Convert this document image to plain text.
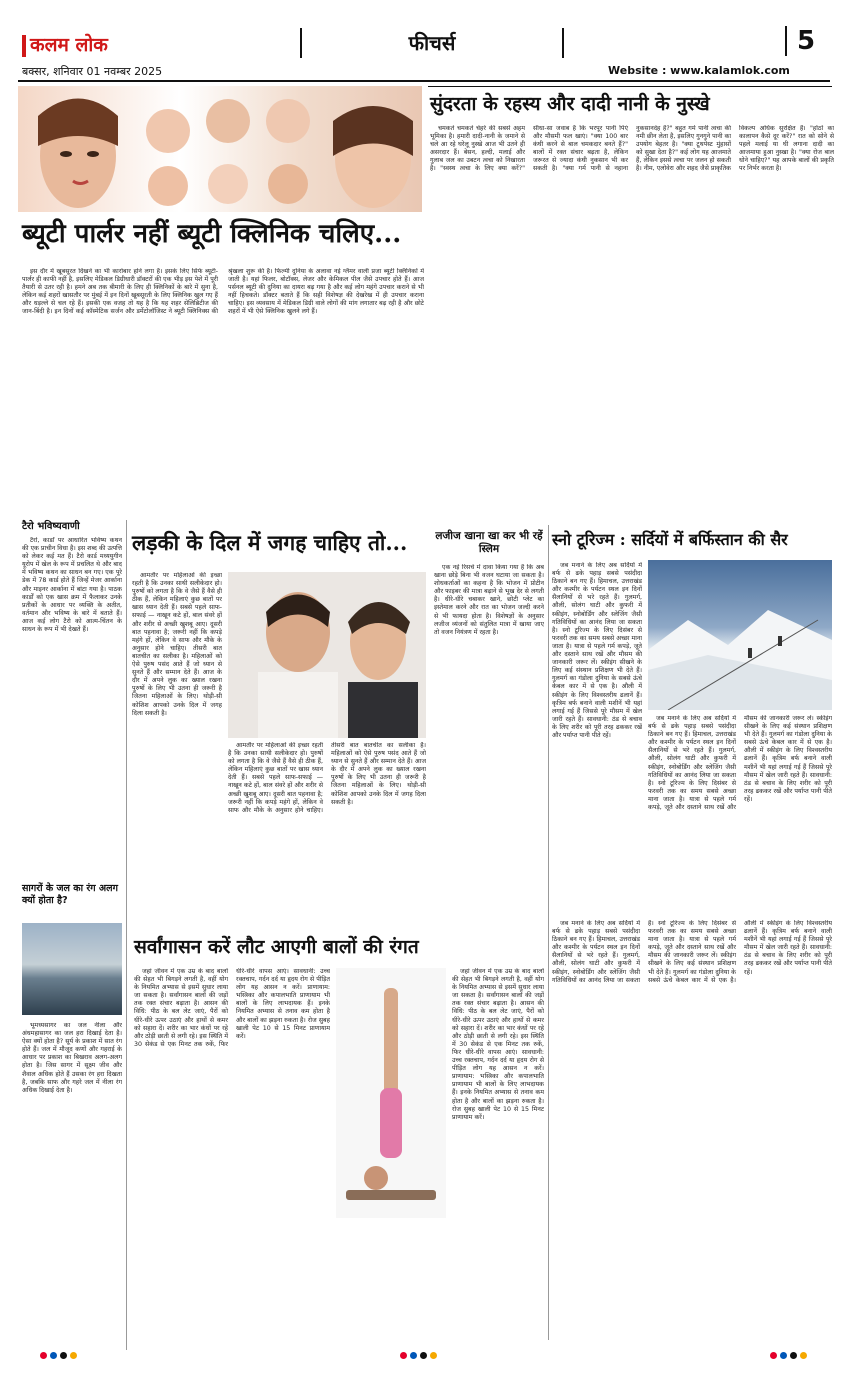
कलम लोक	फीचर्स	5
बक्सर, शनिवार 01 नवम्बर 2025	Website : www.kalamlok.com
ब्यूटी पार्लर नहीं ब्यूटी क्लिनिक चलिए...

इस दौर में खूबसूरत दिखने का भी कारोबार होने लगा है। इसके लिए सिर्फ ब्यूटी-पार्लर ही काफी नहीं है, इसलिए मेडिकल डिग्रीधारी डॉक्टरों की एक भीड़ इस पेशे में पूरी तैयारी से उतर रही है। हमने अब तक बीमारी के लिए ही क्लिनिकों के बारे में सुना है, लेकिन कई शहरों खासतौर पर मुंबई में इन दिनों खूबसूरती के लिए क्लिनिक खुल गए हैं और धड़ल्ले से चल रहे हैं। इसकी एक वजह तो यह है कि यह शहर सेलिब्रिटीज की जान-बिंदी है। इन दिनों कई कॉस्मेटिक सर्जन और डर्मेटोलॉजिस्ट ने ब्यूटी क्लिनिक्स की श्रृंखला शुरू की है। फिल्मी दुनिया के अलावा नई ग्लैमर वाली प्रजा ब्यूटी क्लिनिकों में जाती है। यहां फिलर, बोटॉक्स, लेजर और केमिकल पील जैसे उपचार होते हैं। आज पर्सनल ब्यूटी की दुनिया का दायरा बढ़ गया है और कई लोग महंगे उपचार कराने से भी नहीं हिचकते। डॉक्टर बताते हैं कि सही विशेषज्ञ की देखरेख में ही उपचार कराना चाहिए। इस व्यवसाय में मेडिकल डिग्री वाले लोगों की मांग लगातार बढ़ रही है और छोटे शहरों में भी ऐसे क्लिनिक खुलने लगे हैं।

सुंदरता के रहस्य और दादी नानी के नुस्खे

चमकते चमकते चेहरे की सबसे अहम भूमिका है। हमारी दादी-नानी के जमाने से चले आ रहे घरेलू नुस्खे आज भी उतने ही असरदार हैं। बेसन, हल्दी, मलाई और गुलाब जल का उबटन त्वचा को निखारता है। "स्वस्थ त्वचा के लिए क्या करें?" सीधा-सा जवाब है कि भरपूर पानी पिएं और मौसमी फल खाएं। "क्या 100 बार कंघी करने से बाल चमकदार बनते हैं?" बालों में रक्त संचार बढ़ता है, लेकिन जरूरत से ज्यादा कंघी नुकसान भी कर सकती है। "क्या गर्म पानी से नहाना नुकसानदेह है?" बहुत गर्म पानी त्वचा की नमी छीन लेता है, इसलिए गुनगुने पानी का उपयोग बेहतर है। "क्या टूथपेस्ट मुंहासों को सुखा देता है?" कई लोग यह आजमाते हैं, लेकिन इससे त्वचा पर जलन हो सकती है। नीम, एलोवेरा और शहद जैसे प्राकृतिक विकल्प अधिक सुरक्षित हैं। "होंठों का कालापन कैसे दूर करें?" रात को सोने से पहले मलाई या घी लगाना दादी का आजमाया हुआ नुस्खा है। "क्या रोज बाल धोने चाहिए?" यह आपके बालों की प्रकृति पर निर्भर करता है।

टैरो भविष्यवाणी

टैरो, कार्डों पर आधारित भविष्य कथन की एक प्राचीन विधा है। इस शब्द की उत्पत्ति को लेकर कई मत हैं। टैरो कार्ड मध्ययुगीन यूरोप में खेल के रूप में प्रचलित थे और बाद में भविष्य कथन का साधन बन गए। एक पूरे डेक में 78 कार्ड होते हैं जिन्हें मेजर आर्काना और माइनर आर्काना में बांटा गया है। पाठक कार्डों को एक खास क्रम में फैलाकर उनके प्रतीकों के आधार पर व्यक्ति के अतीत, वर्तमान और भविष्य के बारे में बताते हैं। आज कई लोग टैरो को आत्म-चिंतन के साधन के रूप में भी देखते हैं।

सागरों के जल का रंग अलग क्यों होता है?

भूमध्यसागर का जल नीला और अंधमहासागर का जल हरा दिखाई देता है। ऐसा क्यों होता है? सूर्य के प्रकाश में सात रंग होते हैं। जल में मौजूद कणों और गहराई के आधार पर प्रकाश का बिखराव अलग-अलग होता है। जिस सागर में सूक्ष्म जीव और शैवाल अधिक होते हैं उसका रंग हरा दिखता है, जबकि साफ और गहरे जल में नीला रंग अधिक दिखाई देता है।

लड़की के दिल में जगह चाहिए तो...

आमतौर पर महिलाओं की इच्छा रहती है कि उनका साथी सलीकेदार हो। पुरुषों को लगता है कि वे जैसे हैं वैसे ही ठीक हैं, लेकिन महिलाएं कुछ बातों पर खास ध्यान देती हैं। सबसे पहले साफ-सफाई — नाखून कटे हों, बाल संवरे हों और शरीर से अच्छी खुशबू आए। दूसरी बात पहनावा है; जरूरी नहीं कि कपड़े महंगे हों, लेकिन वे साफ और मौके के अनुसार होने चाहिए। तीसरी बात बातचीत का सलीका है। महिलाओं को ऐसे पुरुष पसंद आते हैं जो ध्यान से सुनते हैं और सम्मान देते हैं। आज के दौर में अपने लुक का ख्याल रखना पुरुषों के लिए भी उतना ही जरूरी है जितना महिलाओं के लिए। थोड़ी-सी कोशिश आपको उनके दिल में जगह दिला सकती है।

आमतौर पर महिलाओं की इच्छा रहती है कि उनका साथी सलीकेदार हो। पुरुषों को लगता है कि वे जैसे हैं वैसे ही ठीक हैं, लेकिन महिलाएं कुछ बातों पर खास ध्यान देती हैं। सबसे पहले साफ-सफाई — नाखून कटे हों, बाल संवरे हों और शरीर से अच्छी खुशबू आए। दूसरी बात पहनावा है; जरूरी नहीं कि कपड़े महंगे हों, लेकिन वे साफ और मौके के अनुसार होने चाहिए। तीसरी बात बातचीत का सलीका है। महिलाओं को ऐसे पुरुष पसंद आते हैं जो ध्यान से सुनते हैं और सम्मान देते हैं। आज के दौर में अपने लुक का ख्याल रखना पुरुषों के लिए भी उतना ही जरूरी है जितना महिलाओं के लिए। थोड़ी-सी कोशिश आपको उनके दिल में जगह दिला सकती है।

लजीज खाना खा कर भी रहें स्लिम

एक नई रिसर्च में दावा किया गया है कि अब खाना छोड़े बिना भी वजन घटाया जा सकता है। शोधकर्ताओं का कहना है कि भोजन में प्रोटीन और फाइबर की मात्रा बढ़ाने से भूख देर से लगती है। धीरे-धीरे चबाकर खाने, छोटी प्लेट का इस्तेमाल करने और रात का भोजन जल्दी करने से भी फायदा होता है। विशेषज्ञों के अनुसार लजीज व्यंजनों को संतुलित मात्रा में खाया जाए तो वजन नियंत्रण में रहता है।

स्नो टूरिज्म : सर्दियों में बर्फिस्तान की सैर

जब मनाने के लिए अब सर्दियों में बर्फ से ढके पहाड़ सबसे पसंदीदा ठिकाने बन गए हैं। हिमाचल, उत्तराखंड और कश्मीर के पर्यटन स्थल इन दिनों सैलानियों से भरे रहते हैं। गुलमर्ग, औली, सोलंग घाटी और कुफरी में स्कीइंग, स्नोबोर्डिंग और स्लेजिंग जैसी गतिविधियों का आनंद लिया जा सकता है। स्नो टूरिज्म के लिए दिसंबर से फरवरी तक का समय सबसे अच्छा माना जाता है। यात्रा से पहले गर्म कपड़े, जूते और दस्ताने साथ रखें और मौसम की जानकारी जरूर लें। स्कीइंग सीखने के लिए कई संस्थान प्रशिक्षण भी देते हैं। गुलमर्ग का गंडोला दुनिया के सबसे ऊंचे केबल कार में से एक है। औली में स्कीइंग के लिए विश्वस्तरीय ढलानें हैं। कृत्रिम बर्फ बनाने वाली मशीनें भी यहां लगाई गई हैं जिससे पूरे मौसम में खेल जारी रहते हैं। सावधानी: ठंड से बचाव के लिए शरीर को पूरी तरह ढककर रखें और पर्याप्त पानी पीते रहें।

जब मनाने के लिए अब सर्दियों में बर्फ से ढके पहाड़ सबसे पसंदीदा ठिकाने बन गए हैं। हिमाचल, उत्तराखंड और कश्मीर के पर्यटन स्थल इन दिनों सैलानियों से भरे रहते हैं। गुलमर्ग, औली, सोलंग घाटी और कुफरी में स्कीइंग, स्नोबोर्डिंग और स्लेजिंग जैसी गतिविधियों का आनंद लिया जा सकता है। स्नो टूरिज्म के लिए दिसंबर से फरवरी तक का समय सबसे अच्छा माना जाता है। यात्रा से पहले गर्म कपड़े, जूते और दस्ताने साथ रखें और मौसम की जानकारी जरूर लें। स्कीइंग सीखने के लिए कई संस्थान प्रशिक्षण भी देते हैं। गुलमर्ग का गंडोला दुनिया के सबसे ऊंचे केबल कार में से एक है। औली में स्कीइंग के लिए विश्वस्तरीय ढलानें हैं। कृत्रिम बर्फ बनाने वाली मशीनें भी यहां लगाई गई हैं जिससे पूरे मौसम में खेल जारी रहते हैं। सावधानी: ठंड से बचाव के लिए शरीर को पूरी तरह ढककर रखें और पर्याप्त पानी पीते रहें।

सर्वांगासन करें लौट आएगी बालों की रंगत

जहां जीवन में एक उम्र के बाद बालों की सेहत भी बिगड़ने लगती है, वहीं योग के नियमित अभ्यास से इसमें सुधार लाया जा सकता है। सर्वांगासन बालों की जड़ों तक रक्त संचार बढ़ाता है। आसन की विधि: पीठ के बल लेट जाएं, पैरों को धीरे-धीरे ऊपर उठाएं और हाथों से कमर को सहारा दें। शरीर का भार कंधों पर रहे और ठोड़ी छाती से लगी रहे। इस स्थिति में 30 सेकंड से एक मिनट तक रुकें, फिर धीरे-धीरे वापस आएं। सावधानी: उच्च रक्तचाप, गर्दन दर्द या हृदय रोग से पीड़ित लोग यह आसन न करें। प्राणायाम: भस्त्रिका और कपालभाति प्राणायाम भी बालों के लिए लाभदायक हैं। इनके नियमित अभ्यास से तनाव कम होता है और बालों का झड़ना रुकता है। रोज सुबह खाली पेट 10 से 15 मिनट प्राणायाम करें।

जहां जीवन में एक उम्र के बाद बालों की सेहत भी बिगड़ने लगती है, वहीं योग के नियमित अभ्यास से इसमें सुधार लाया जा सकता है। सर्वांगासन बालों की जड़ों तक रक्त संचार बढ़ाता है। आसन की विधि: पीठ के बल लेट जाएं, पैरों को धीरे-धीरे ऊपर उठाएं और हाथों से कमर को सहारा दें। शरीर का भार कंधों पर रहे और ठोड़ी छाती से लगी रहे। इस स्थिति में 30 सेकंड से एक मिनट तक रुकें, फिर धीरे-धीरे वापस आएं। सावधानी: उच्च रक्तचाप, गर्दन दर्द या हृदय रोग से पीड़ित लोग यह आसन न करें। प्राणायाम: भस्त्रिका और कपालभाति प्राणायाम भी बालों के लिए लाभदायक हैं। इनके नियमित अभ्यास से तनाव कम होता है और बालों का झड़ना रुकता है। रोज सुबह खाली पेट 10 से 15 मिनट प्राणायाम करें।

जब मनाने के लिए अब सर्दियों में बर्फ से ढके पहाड़ सबसे पसंदीदा ठिकाने बन गए हैं। हिमाचल, उत्तराखंड और कश्मीर के पर्यटन स्थल इन दिनों सैलानियों से भरे रहते हैं। गुलमर्ग, औली, सोलंग घाटी और कुफरी में स्कीइंग, स्नोबोर्डिंग और स्लेजिंग जैसी गतिविधियों का आनंद लिया जा सकता है। स्नो टूरिज्म के लिए दिसंबर से फरवरी तक का समय सबसे अच्छा माना जाता है। यात्रा से पहले गर्म कपड़े, जूते और दस्ताने साथ रखें और मौसम की जानकारी जरूर लें। स्कीइंग सीखने के लिए कई संस्थान प्रशिक्षण भी देते हैं। गुलमर्ग का गंडोला दुनिया के सबसे ऊंचे केबल कार में से एक है। औली में स्कीइंग के लिए विश्वस्तरीय ढलानें हैं। कृत्रिम बर्फ बनाने वाली मशीनें भी यहां लगाई गई हैं जिससे पूरे मौसम में खेल जारी रहते हैं। सावधानी: ठंड से बचाव के लिए शरीर को पूरी तरह ढककर रखें और पर्याप्त पानी पीते रहें।
